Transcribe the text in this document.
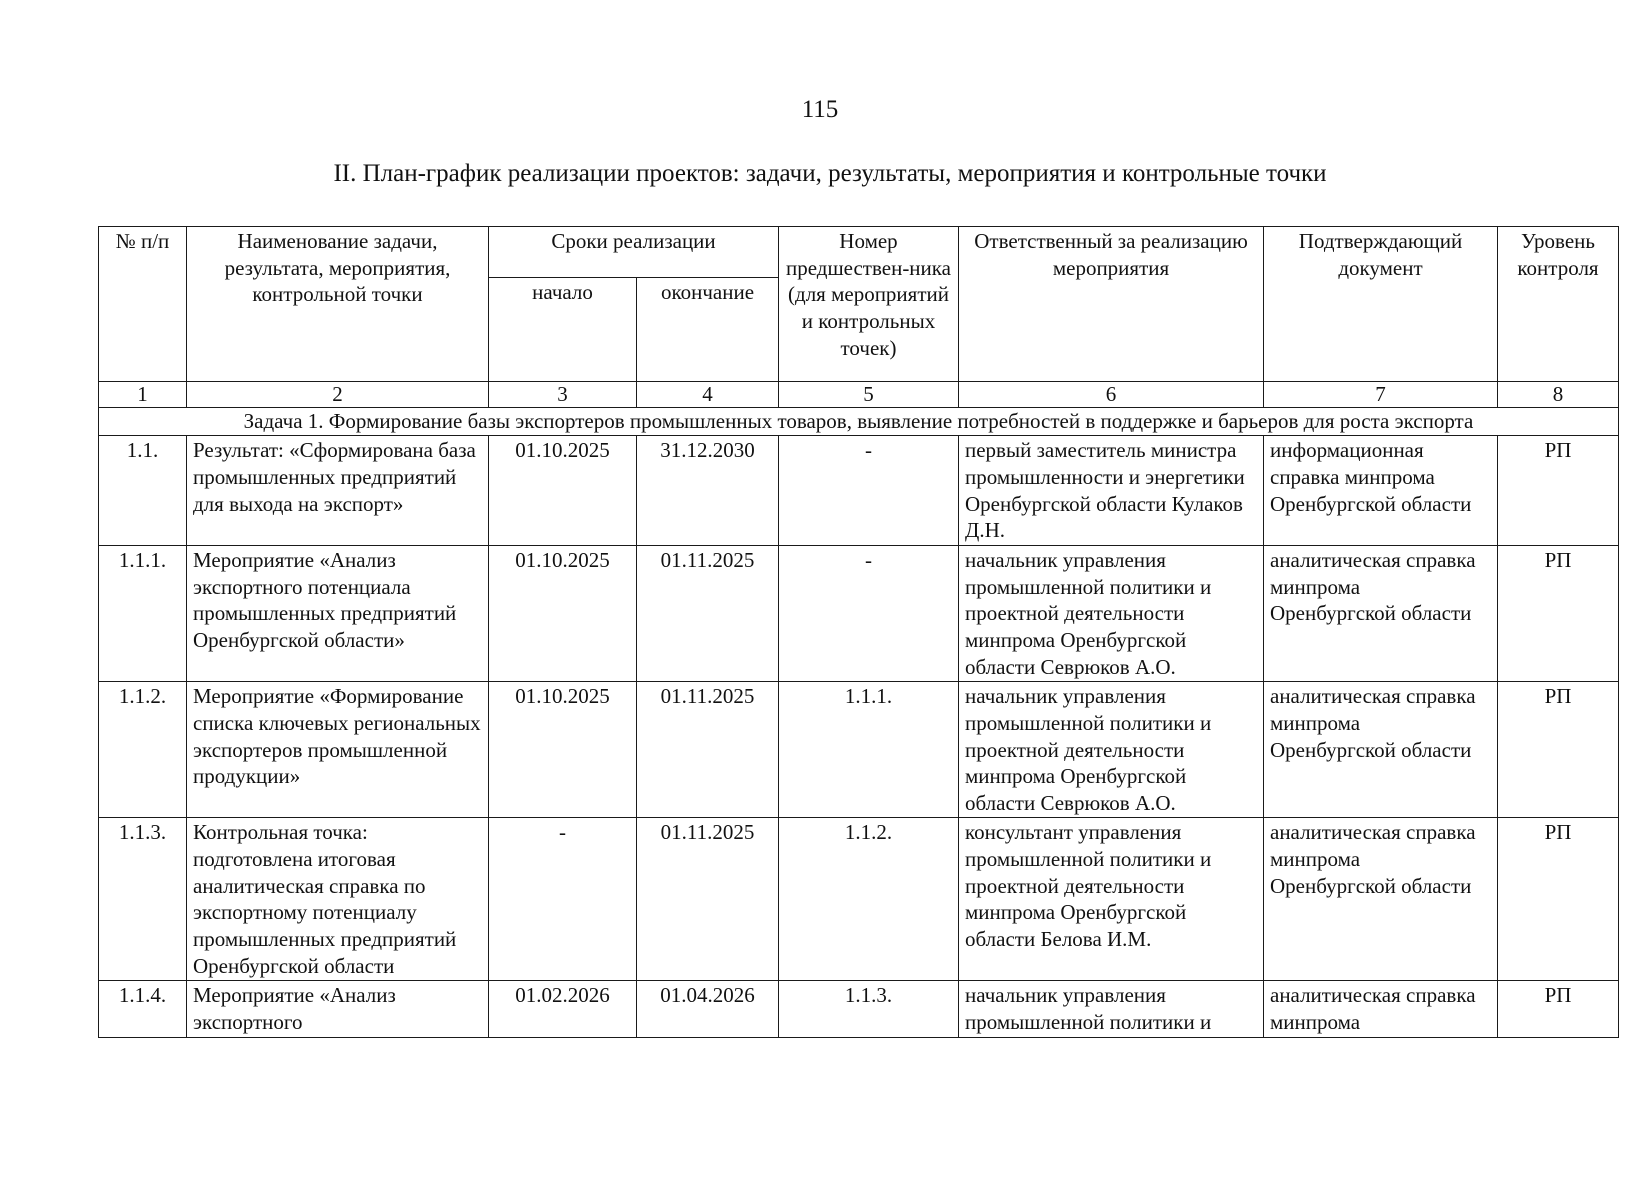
115
II. План-график реализации проектов: задачи, результаты, мероприятия и контрольные точки
№ п/п	Наименование задачи, результата, мероприятия, контрольной точки	Сроки реализации		Номер предшествен-ника (для мероприятий и контрольных точек)	Ответственный за реализацию мероприятия	Подтверждающий документ	Уровень контроля
		начало	окончание				
1	2	3	4	5	6	7	8
Задача 1. Формирование базы экспортеров промышленных товаров, выявление потребностей в поддержке и барьеров для роста экспорта							
1.1.	Результат: «Сформирована база промышленных предприятий для выхода на экспорт»	01.10.2025	31.12.2030	-	первый заместитель министра промышленности и энергетики Оренбургской области Кулаков Д.Н.	информационная справка минпрома Оренбургской области	РП
1.1.1.	Мероприятие «Анализ экспортного потенциала промышленных предприятий Оренбургской области»	01.10.2025	01.11.2025	-	начальник управления промышленной политики и проектной деятельности минпрома Оренбургской области Севрюков А.О.	аналитическая справка минпрома Оренбургской области	РП
1.1.2.	Мероприятие «Формирование списка ключевых региональных экспортеров промышленной продукции»	01.10.2025	01.11.2025	1.1.1.	начальник управления промышленной политики и проектной деятельности минпрома Оренбургской области Севрюков А.О.	аналитическая справка минпрома Оренбургской области	РП
1.1.3.	Контрольная точка: подготовлена итоговая аналитическая справка по экспортному потенциалу промышленных предприятий Оренбургской области	-	01.11.2025	1.1.2.	консультант управления промышленной политики и проектной деятельности минпрома Оренбургской области Белова И.М.	аналитическая справка минпрома Оренбургской области	РП
1.1.4.	Мероприятие «Анализ экспортного	01.02.2026	01.04.2026	1.1.3.	начальник управления промышленной политики и	аналитическая справка минпрома	РП
